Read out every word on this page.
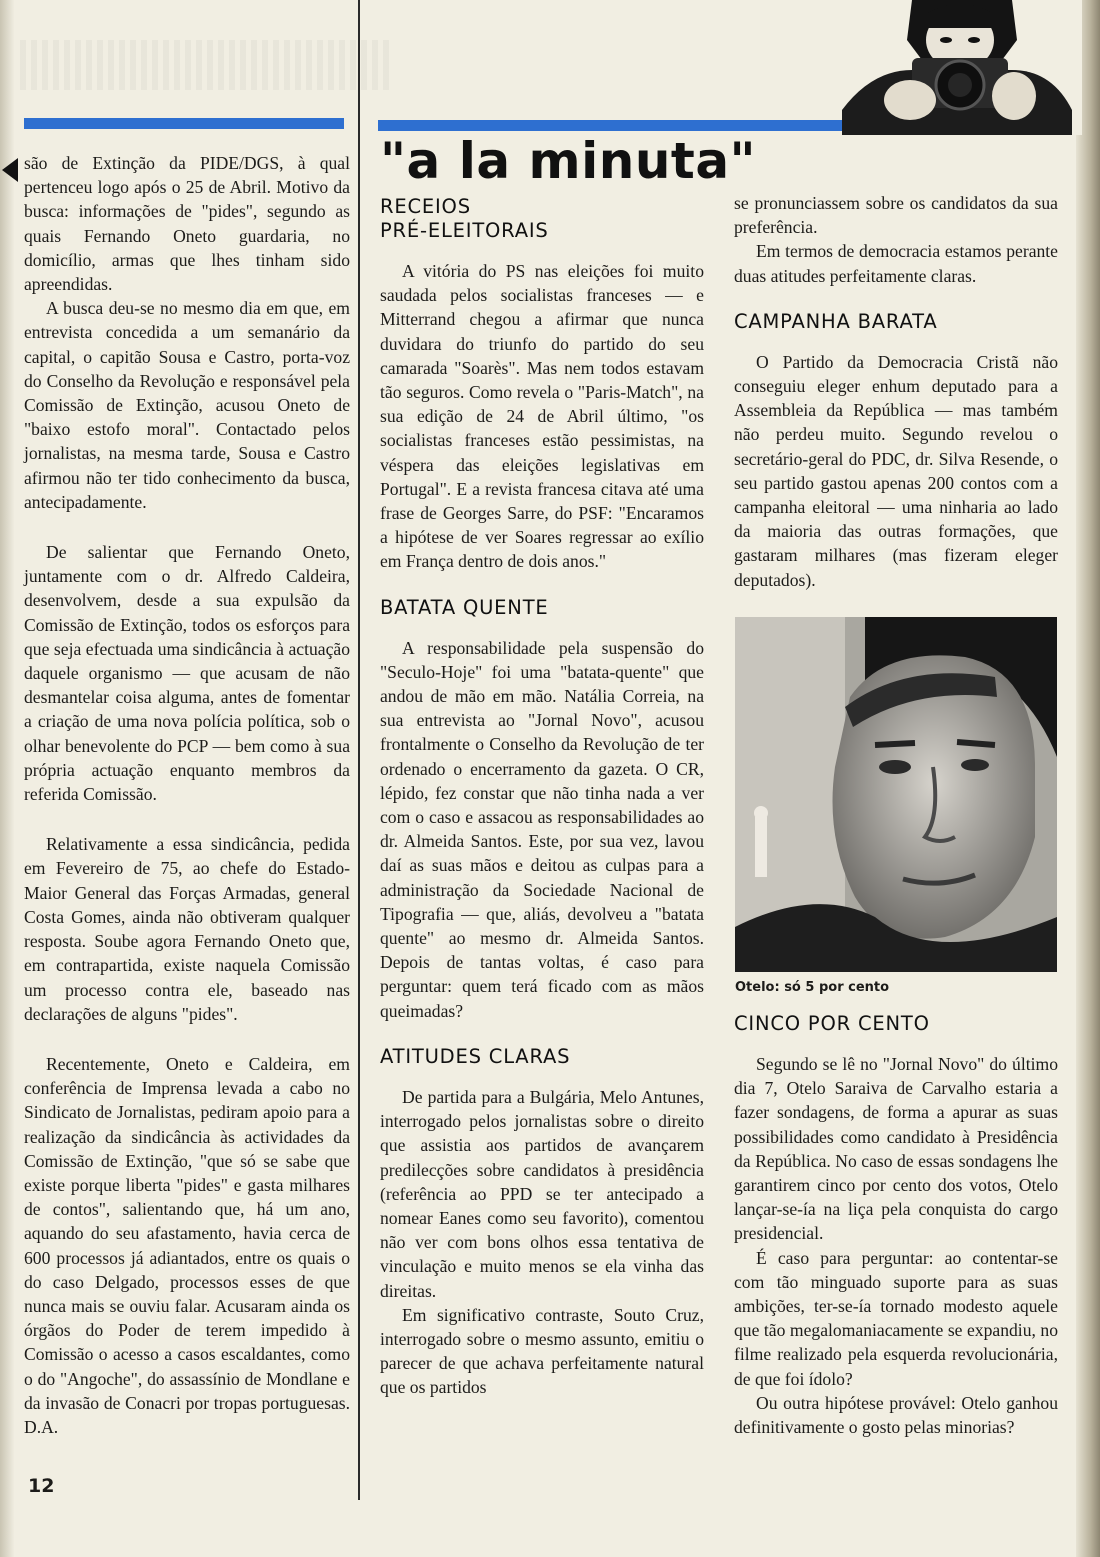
são de Extinção da PIDE/DGS, à qual pertenceu logo após o 25 de Abril. Motivo da busca: informações de "pides", segundo as quais Fernando Oneto guardaria, no domicílio, armas que lhes tinham sido apreendidas.

A busca deu-se no mesmo dia em que, em entrevista concedida a um semanário da capital, o capitão Sousa e Castro, porta-voz do Conselho da Revolução e responsável pela Comissão de Extinção, acusou Oneto de "baixo estofo moral". Contactado pelos jornalistas, na mesma tarde, Sousa e Castro afirmou não ter tido conhecimento da busca, antecipadamente.

De salientar que Fernando Oneto, juntamente com o dr. Alfredo Caldeira, desenvolvem, desde a sua expulsão da Comissão de Extinção, todos os esforços para que seja efectuada uma sindicância à actuação daquele organismo — que acusam de não desmantelar coisa alguma, antes de fomentar a criação de uma nova polícia política, sob o olhar benevolente do PCP — bem como à sua própria actuação enquanto membros da referida Comissão.

Relativamente a essa sindicância, pedida em Fevereiro de 75, ao chefe do Estado-Maior General das Forças Armadas, general Costa Gomes, ainda não obtiveram qualquer resposta. Soube agora Fernando Oneto que, em contrapartida, existe naquela Comissão um processo contra ele, baseado nas declarações de alguns "pides".

Recentemente, Oneto e Caldeira, em conferência de Imprensa levada a cabo no Sindicato de Jornalistas, pediram apoio para a realização da sindicância às actividades da Comissão de Extinção, "que só se sabe que existe porque liberta "pides" e gasta milhares de contos", salientando que, há um ano, aquando do seu afastamento, havia cerca de 600 processos já adiantados, entre os quais o do caso Delgado, processos esses de que nunca mais se ouviu falar. Acusaram ainda os órgãos do Poder de terem impedido à Comissão o acesso a casos escaldantes, como o do "Angoche", do assassínio de Mondlane e da invasão de Conacri por tropas portuguesas. D.A.

"a la minuta"
RECEIOS
PRÉ-ELEITORAIS

A vitória do PS nas eleições foi muito saudada pelos socialistas franceses — e Mitterrand chegou a afirmar que nunca duvidara do triunfo do partido do seu camarada "Soarès". Mas nem todos estavam tão seguros. Como revela o "Paris-Match", na sua edição de 24 de Abril último, "os socialistas franceses estão pessimistas, na véspera das eleições legislativas em Portugal". E a revista francesa citava até uma frase de Georges Sarre, do PSF: "Encaramos a hipótese de ver Soares regressar ao exílio em França dentro de dois anos."

BATATA QUENTE

A responsabilidade pela suspensão do "Seculo-Hoje" foi uma "batata-quente" que andou de mão em mão. Natália Correia, na sua entrevista ao "Jornal Novo", acusou frontalmente o Conselho da Revolução de ter ordenado o encerramento da gazeta. O CR, lépido, fez constar que não tinha nada a ver com o caso e assacou as responsabilidades ao dr. Almeida Santos. Este, por sua vez, lavou daí as suas mãos e deitou as culpas para a administração da Sociedade Nacional de Tipografia — que, aliás, devolveu a "batata quente" ao mesmo dr. Almeida Santos. Depois de tantas voltas, é caso para perguntar: quem terá ficado com as mãos queimadas?

ATITUDES CLARAS

De partida para a Bulgária, Melo Antunes, interrogado pelos jornalistas sobre o direito que assistia aos partidos de avançarem predilecções sobre candidatos à presidência (referência ao PPD se ter antecipado a nomear Eanes como seu favorito), comentou não ver com bons olhos essa tentativa de vinculação e muito menos se ela vinha das direitas.

Em significativo contraste, Souto Cruz, interrogado sobre o mesmo assunto, emitiu o parecer de que achava perfeitamente natural que os partidos

se pronunciassem sobre os candidatos da sua preferência.

Em termos de democracia estamos perante duas atitudes perfeitamente claras.

CAMPANHA BARATA

O Partido da Democracia Cristã não conseguiu eleger enhum deputado para a Assembleia da República — mas também não perdeu muito. Segundo revelou o secretário-geral do PDC, dr. Silva Resende, o seu partido gastou apenas 200 contos com a campanha eleitoral — uma ninharia ao lado da maioria das outras formações, que gastaram milhares (mas fizeram eleger deputados).

Otelo: só 5 por cento
CINCO POR CENTO

Segundo se lê no "Jornal Novo" do último dia 7, Otelo Saraiva de Carvalho estaria a fazer sondagens, de forma a apurar as suas possibilidades como candidato à Presidência da República. No caso de essas sondagens lhe garantirem cinco por cento dos votos, Otelo lançar-se-ía na liça pela conquista do cargo presidencial.

É caso para perguntar: ao contentar-se com tão minguado suporte para as suas ambições, ter-se-ía tornado modesto aquele que tão megalomaniacamente se expandiu, no filme realizado pela esquerda revolucionária, de que foi ídolo?

Ou outra hipótese provável: Otelo ganhou definitivamente o gosto pelas minorias?

12
